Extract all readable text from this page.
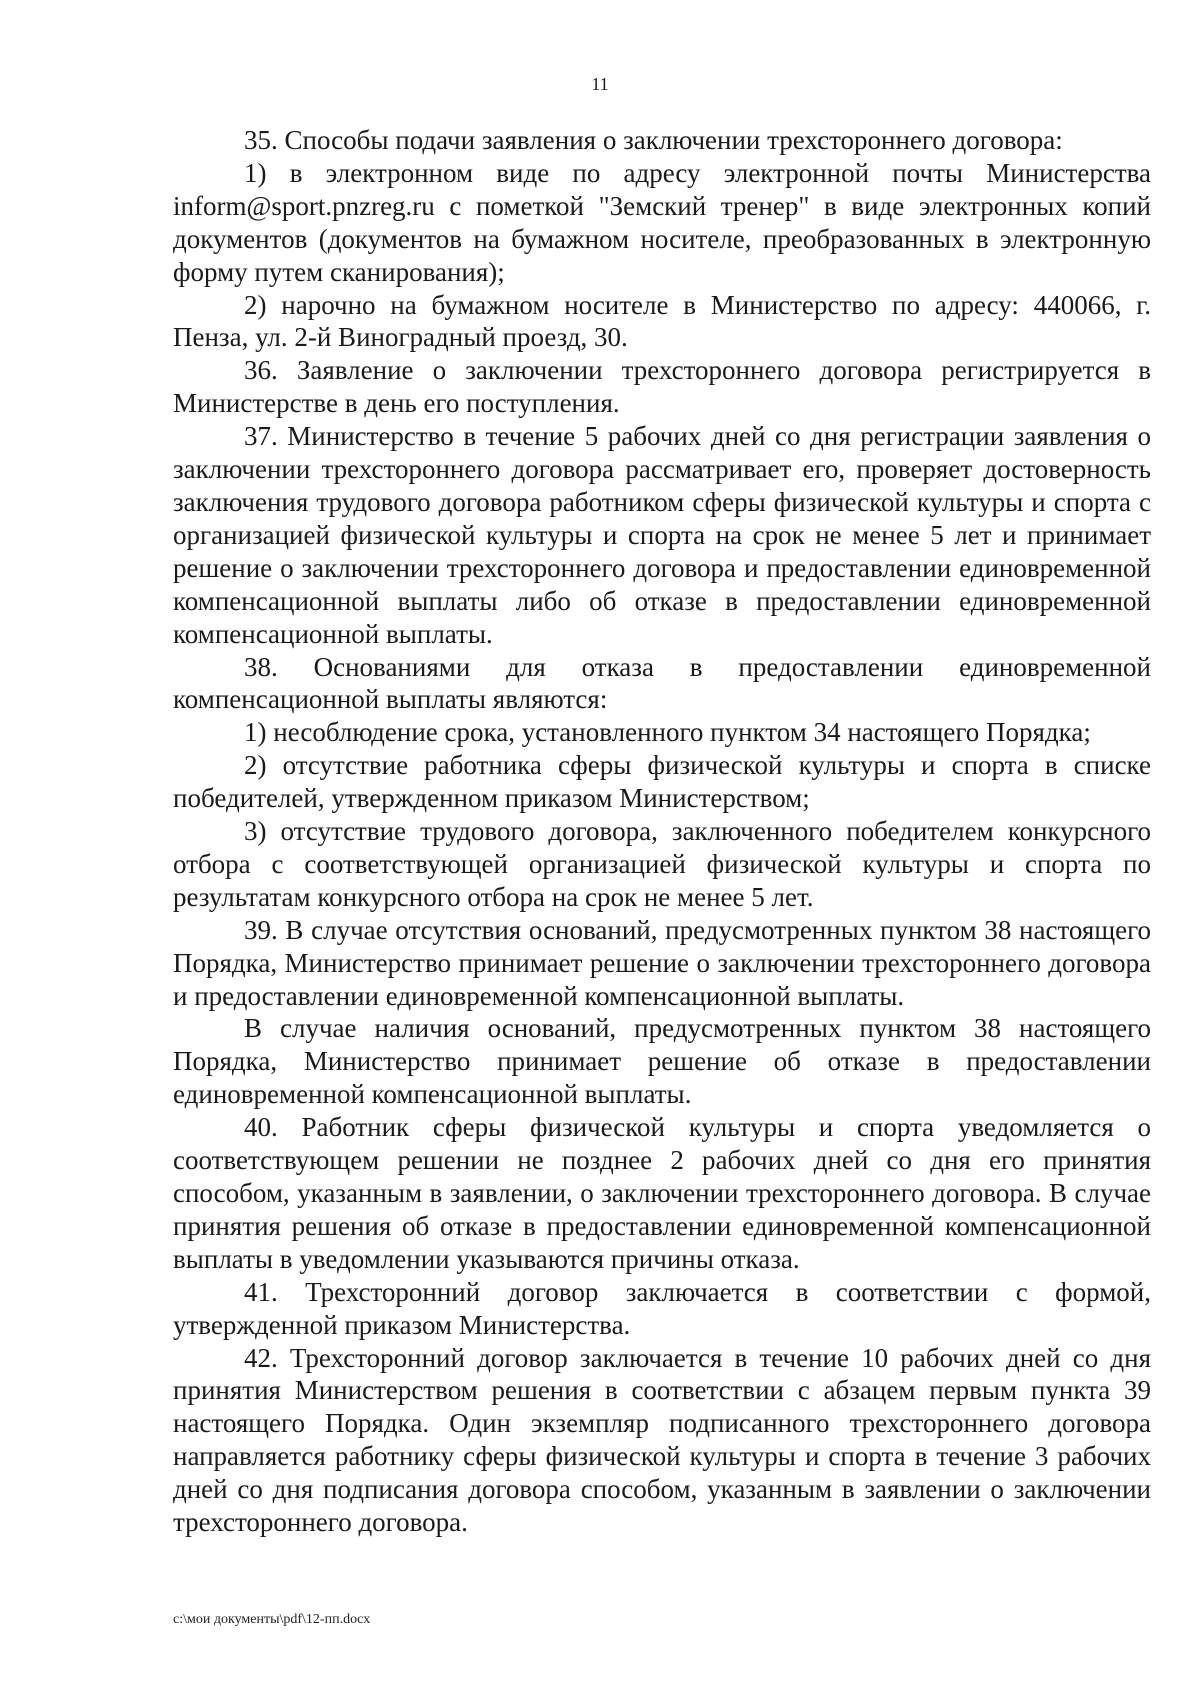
11

35. Способы подачи заявления о заключении трехстороннего договора:

1) в электронном виде по адресу электронной почты Министерства inform@sport.pnzreg.ru с пометкой "Земский тренер" в виде электронных копий документов (документов на бумажном носителе, преобразованных в электронную форму путем сканирования);

2) нарочно на бумажном носителе в Министерство по адресу: 440066, г. Пенза, ул. 2-й Виноградный проезд, 30.

36. Заявление о заключении трехстороннего договора регистрируется в Министерстве в день его поступления.

37. Министерство в течение 5 рабочих дней со дня регистрации заявления о заключении трехстороннего договора рассматривает его, проверяет достоверность заключения трудового договора работником сферы физической культуры и спорта с организацией физической культуры и спорта на срок не менее 5 лет и принимает решение о заключении трехстороннего договора и предоставлении единовременной компенсационной выплаты либо об отказе в предоставлении единовременной компенсационной выплаты.

38. Основаниями для отказа в предоставлении единовременной компенсационной выплаты являются:

1) несоблюдение срока, установленного пунктом 34 настоящего Порядка;

2) отсутствие работника сферы физической культуры и спорта в списке победителей, утвержденном приказом Министерством;

3) отсутствие трудового договора, заключенного победителем конкурсного отбора с соответствующей организацией физической культуры и спорта по результатам конкурсного отбора на срок не менее 5 лет.

39. В случае отсутствия оснований, предусмотренных пунктом 38 настоящего Порядка, Министерство принимает решение о заключении трехстороннего договора и предоставлении единовременной компенсационной выплаты.

В случае наличия оснований, предусмотренных пунктом 38 настоящего Порядка, Министерство принимает решение об отказе в предоставлении единовременной компенсационной выплаты.

40. Работник сферы физической культуры и спорта уведомляется о соответствующем решении не позднее 2 рабочих дней со дня его принятия способом, указанным в заявлении, о заключении трехстороннего договора. В случае принятия решения об отказе в предоставлении единовременной компенсационной выплаты в уведомлении указываются причины отказа.

41. Трехсторонний договор заключается в соответствии с формой, утвержденной приказом Министерства.

42. Трехсторонний договор заключается в течение 10 рабочих дней со дня принятия Министерством решения в соответствии с абзацем первым пункта 39 настоящего Порядка. Один экземпляр подписанного трехстороннего договора направляется работнику сферы физической культуры и спорта в течение 3 рабочих дней со дня подписания договора способом, указанным в заявлении о заключении трехстороннего договора.

c:\мои документы\pdf\12-пп.docx
